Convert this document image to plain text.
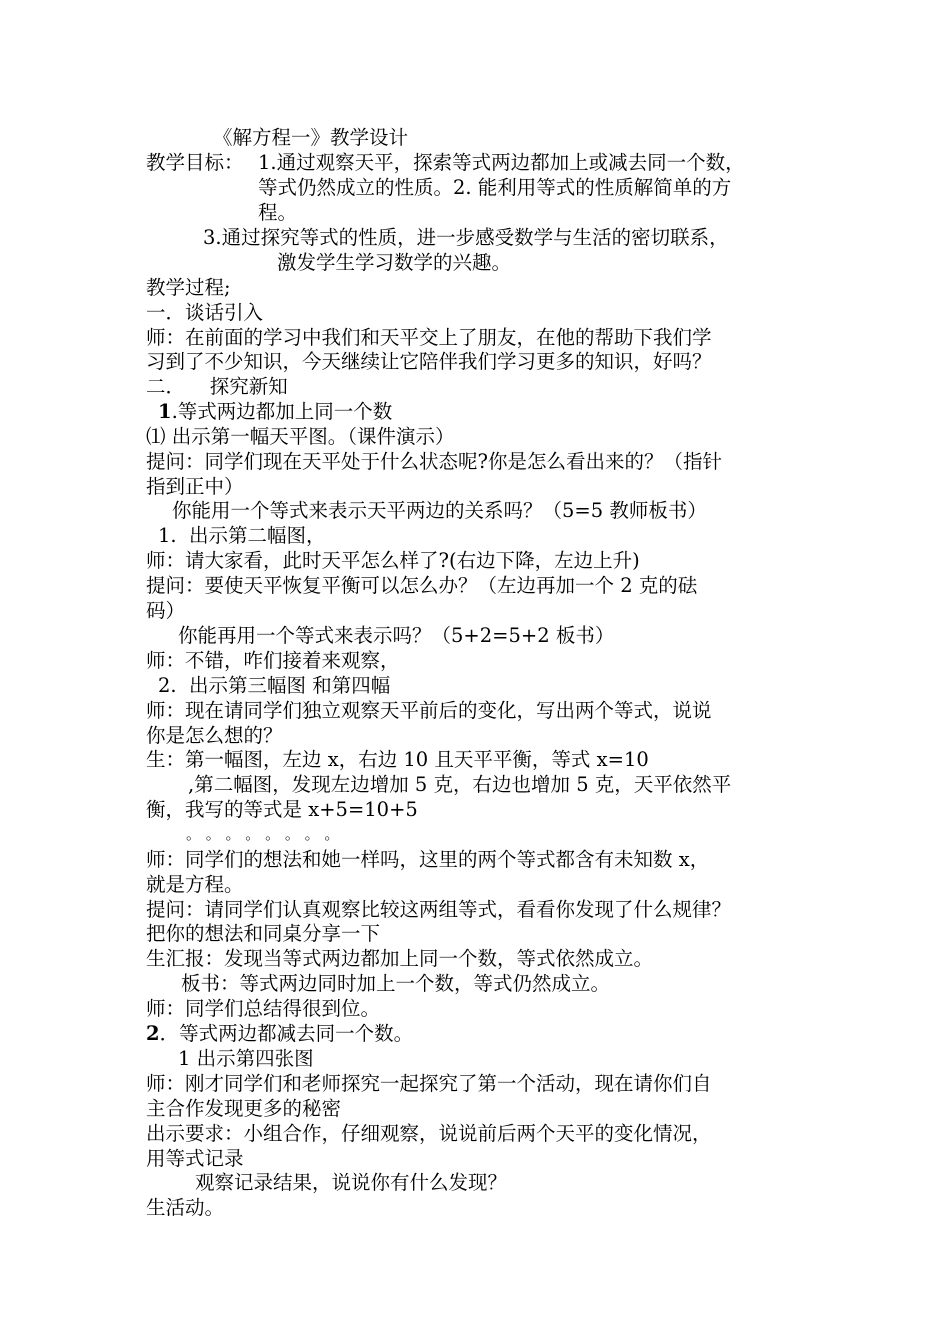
《解方程一》教学设计
教学目标： 1.通过观察天平，探索等式两边都加上或减去同一个数，
等式仍然成立的性质。2. 能利用等式的性质解简单的方
程。
3.通过探究等式的性质，进一步感受数学与生活的密切联系，
激发学生学习数学的兴趣。
教学过程;
一．谈话引入
师：在前面的学习中我们和天平交上了朋友，在他的帮助下我们学
习到了不少知识，今天继续让它陪伴我们学习更多的知识，好吗？
二．    探究新知
1.等式两边都加上同一个数
⑴ 出示第一幅天平图。（课件演示）
提问：同学们现在天平处于什么状态呢?你是怎么看出来的？（指针
指到正中）
你能用一个等式来表示天平两边的关系吗？（5=5 教师板书）
1.  出示第二幅图，
师：请大家看，此时天平怎么样了?(右边下降，左边上升)
提问：要使天平恢复平衡可以怎么办？（左边再加一个 2 克的砝
码）
你能再用一个等式来表示吗？（5+2=5+2 板书）
师：不错，咋们接着来观察，
2.  出示第三幅图 和第四幅
师：现在请同学们独立观察天平前后的变化，写出两个等式，说说
你是怎么想的？
生：第一幅图，左边 x，右边 10 且天平平衡，等式 x=10
,第二幅图，发现左边增加 5 克，右边也增加 5 克，天平依然平
衡，我写的等式是 x+5=10+5
。 。 。 。 。 。 。 。
师：同学们的想法和她一样吗，这里的两个等式都含有未知数 x，
就是方程。
提问：请同学们认真观察比较这两组等式，看看你发现了什么规律？
把你的想法和同桌分享一下
生汇报：发现当等式两边都加上同一个数，等式依然成立。
板书：等式两边同时加上一个数，等式仍然成立。
师：同学们总结得很到位。
2．等式两边都减去同一个数。
1 出示第四张图
师：刚才同学们和老师探究一起探究了第一个活动，现在请你们自
主合作发现更多的秘密
出示要求：小组合作，仔细观察，说说前后两个天平的变化情况，
用等式记录
观察记录结果，说说你有什么发现？
生活动。
